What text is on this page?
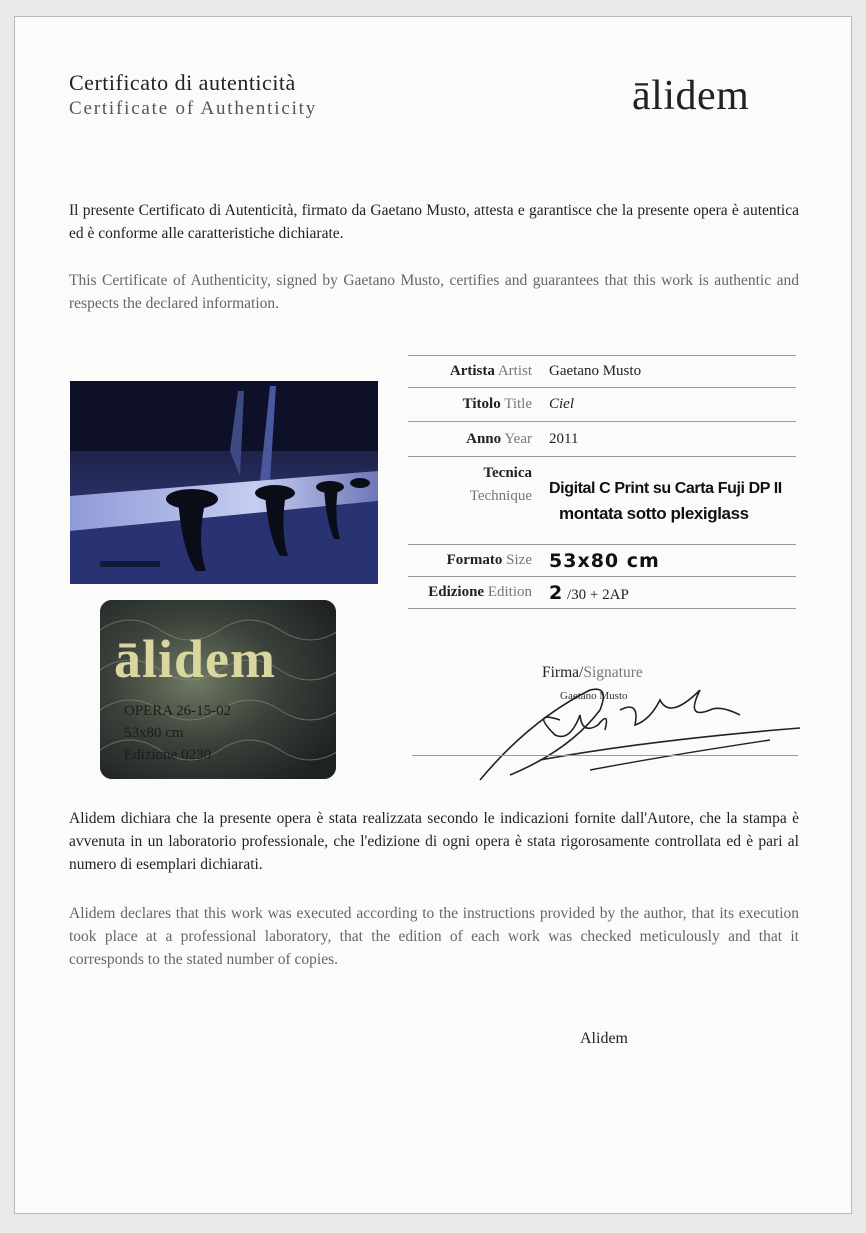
Certificato di autenticità
Certificate of Authenticity	ālidem
Il presente Certificato di Autenticità, firmato da Gaetano Musto, attesta e garantisce che la presente opera è autentica ed è conforme alle caratteristiche dichiarate.
This Certificate of Authenticity, signed by Gaetano Musto, certifies and guarantees that this work is authentic and respects the declared information.
ālidem
OPERA 26-15-02
53x80 cm
Edizione 0230
Artista Artist	Gaetano Musto
Titolo Title	Ciel
Anno Year	2011
Tecnica
Technique	Digital C Print su Carta Fuji DP II
montata sotto plexiglass

Formato Size	53x80 cm
Edizione Edition	2 /30 + 2AP
Firma/Signature
Gaetano Musto
Alidem dichiara che la presente opera è stata realizzata secondo le indicazioni fornite dall'Autore, che la stampa è avvenuta in un laboratorio professionale, che l'edizione di ogni opera è stata rigorosamente controllata ed è pari al numero di esemplari dichiarati.
Alidem declares that this work was executed according to the instructions provided by the author, that its execution took place at a professional laboratory, that the edition of each work was checked meticulously and that it corresponds to the stated number of copies.
Alidem
